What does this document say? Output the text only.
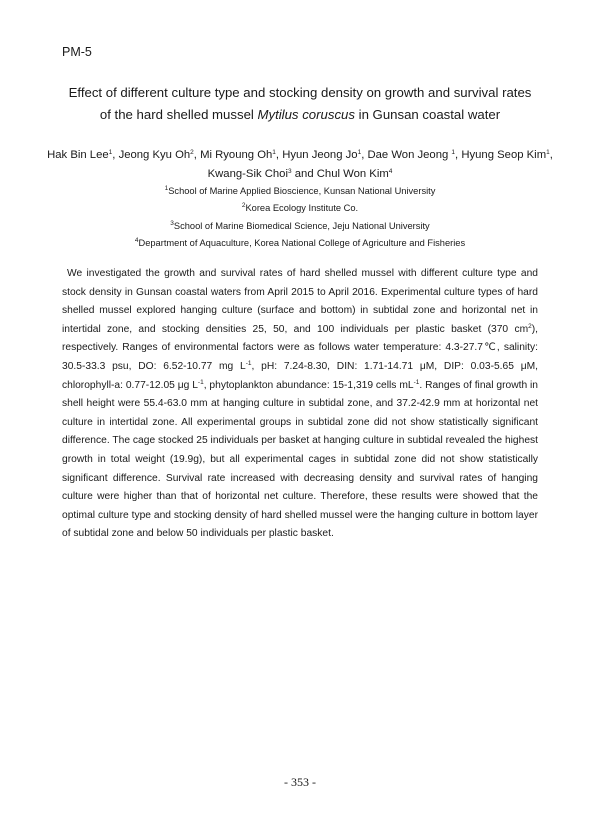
PM-5
Effect of different culture type and stocking density on growth and survival rates
of the hard shelled mussel Mytilus coruscus in Gunsan coastal water
Hak Bin Lee$^1$, Jeong Kyu Oh$^2$, Mi Ryoung Oh$^1$, Hyun Jeong Jo$^1$, Dae Won Jeong $^1$, Hyung Seop Kim$^1$,
Kwang-Sik Choi$^3$ and Chul Won Kim$^4$
$^1$School of Marine Applied Bioscience, Kunsan National University
$^2$Korea Ecology Institute Co.
$^3$School of Marine Biomedical Science, Jeju National University
$^4$Department of Aquaculture, Korea National College of Agriculture and Fisheries

We investigated the growth and survival rates of hard shelled mussel with different culture type and stock density in Gunsan coastal waters from April 2015 to April 2016. Experimental culture types of hard shelled mussel explored hanging culture (surface and bottom) in subtidal zone and horizontal net in intertidal zone, and stocking densities 25, 50, and 100 individuals per plastic basket (370 $cm^2$), respectively. Ranges of environmental factors were as follows water temperature: 4.3-27.7℃, salinity: 30.5-33.3 psu, DO: 6.52-10.77 mg $L^{-1}$, pH: 7.24-8.30, DIN: 1.71-14.71 μM, DIP: 0.03-5.65 μM, chlorophyll-a: 0.77-12.05 μg $L^{-1}$, phytoplankton abundance: 15-1,319 cells $mL^{-1}$. Ranges of final growth in shell height were 55.4-63.0 mm at hanging culture in subtidal zone, and 37.2-42.9 mm at horizontal net culture in intertidal zone. All experimental groups in subtidal zone did not show statistically significant difference. The cage stocked 25 individuals per basket at hanging culture in subtidal revealed the highest growth in total weight (19.9g), but all experimental cages in subtidal zone did not show statistically significant difference. Survival rate increased with decreasing density and survival rates of hanging culture were higher than that of horizontal net culture. Therefore, these results were showed that the optimal culture type and stocking density of hard shelled mussel were the hanging culture in bottom layer of subtidal zone and below 50 individuals per plastic basket.

- 353 -
